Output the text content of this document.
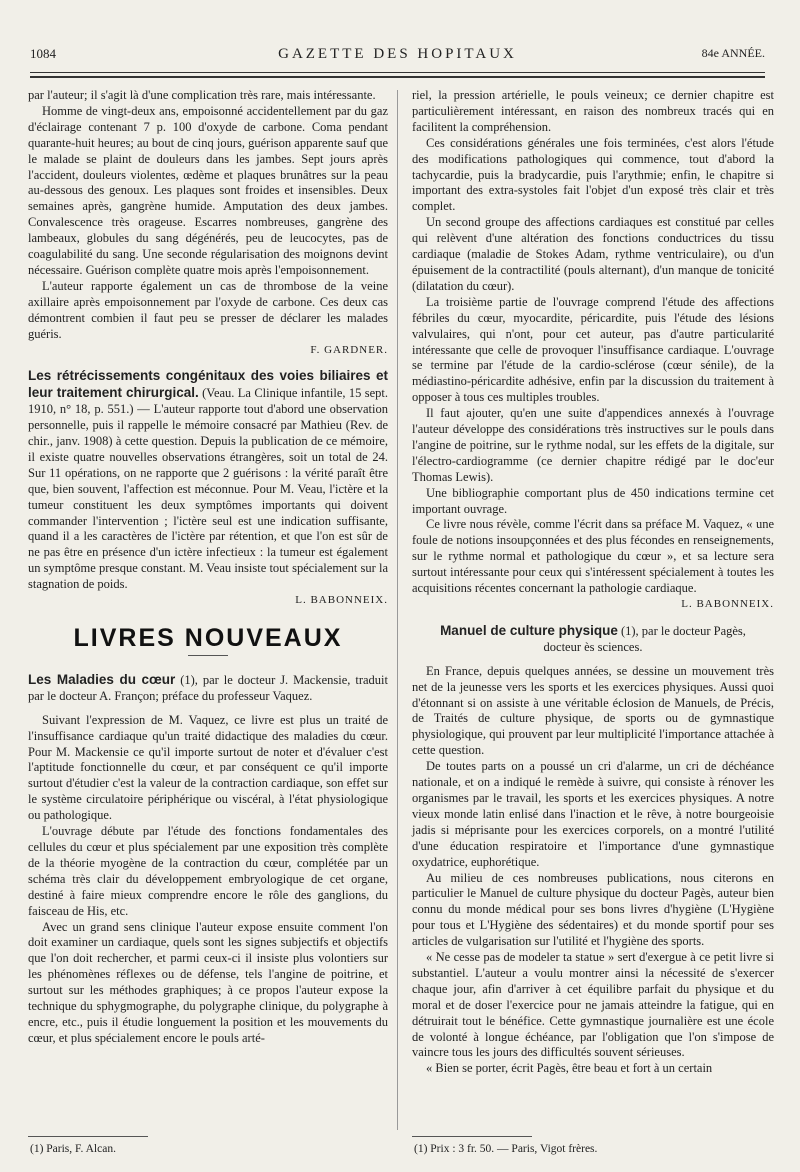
1084	GAZETTE DES HOPITAUX	84e ANNÉE.

par l'auteur; il s'agit là d'une complication très rare, mais intéressante.

Homme de vingt-deux ans, empoisonné accidentellement par du gaz d'éclairage contenant 7 p. 100 d'oxyde de carbone. Coma pendant quarante-huit heures; au bout de cinq jours, guérison apparente sauf que le malade se plaint de douleurs dans les jambes. Sept jours après l'accident, douleurs violentes, œdème et plaques brunâtres sur la peau au-dessous des genoux. Les plaques sont froides et insensibles. Deux semaines après, gangrène humide. Amputation des deux jambes. Convalescence très orageuse. Escarres nombreuses, gangrène des lambeaux, globules du sang dégénérés, peu de leucocytes, pas de coagulabilité du sang. Une seconde régularisation des moignons devint nécessaire. Guérison complète quatre mois après l'empoisonnement.

L'auteur rapporte également un cas de thrombose de la veine axillaire après empoisonnement par l'oxyde de carbone. Ces deux cas démontrent combien il faut peu se presser de déclarer les malades guéris.

F. GARDNER.

Les rétrécissements congénitaux des voies biliaires et leur traitement chirurgical. (Veau. La Clinique infantile, 15 sept. 1910, n° 18, p. 551.) — L'auteur rapporte tout d'abord une observation personnelle, puis il rappelle le mémoire consacré par Mathieu (Rev. de chir., janv. 1908) à cette question. Depuis la publication de ce mémoire, il existe quatre nouvelles observations étrangères, soit un total de 24. Sur 11 opérations, on ne rapporte que 2 guérisons : la vérité paraît être que, bien souvent, l'affection est méconnue. Pour M. Veau, l'ictère et la tumeur constituent les deux symptômes importants qui doivent commander l'intervention ; l'ictère seul est une indication suffisante, quand il a les caractères de l'ictère par rétention, et que l'on est sûr de ne pas être en présence d'un ictère infectieux : la tumeur est également un symptôme presque constant. M. Veau insiste tout spécialement sur la stagnation de poids.

L. BABONNEIX.
LIVRES NOUVEAUX

Les Maladies du cœur (1), par le docteur J. Mackensie, traduit par le docteur A. Françon; préface du professeur Vaquez.

Suivant l'expression de M. Vaquez, ce livre est plus un traité de l'insuffisance cardiaque qu'un traité didactique des maladies du cœur. Pour M. Mackensie ce qu'il importe surtout de noter et d'évaluer c'est l'aptitude fonctionnelle du cœur, et par conséquent ce qu'il importe surtout d'étudier c'est la valeur de la contraction cardiaque, son effet sur le système circulatoire périphérique ou viscéral, à l'état physiologique ou pathologique.

L'ouvrage débute par l'étude des fonctions fondamentales des cellules du cœur et plus spécialement par une exposition très complète de la théorie myogène de la contraction du cœur, complétée par un schéma très clair du développement embryologique de cet organe, destiné à faire mieux comprendre encore le rôle des ganglions, du faisceau de His, etc.

Avec un grand sens clinique l'auteur expose ensuite comment l'on doit examiner un cardiaque, quels sont les signes subjectifs et objectifs que l'on doit rechercher, et parmi ceux-ci il insiste plus volontiers sur les phénomènes réflexes ou de défense, tels l'angine de poitrine, et surtout sur les méthodes graphiques; à ce propos l'auteur expose la technique du sphygmographe, du polygraphe clinique, du polygraphe à encre, etc., puis il étudie longuement la position et les mouvements du cœur, et plus spécialement encore le pouls arté-

(1) Paris, F. Alcan.

riel, la pression artérielle, le pouls veineux; ce dernier chapitre est particulièrement intéressant, en raison des nombreux tracés qui en facilitent la compréhension.

Ces considérations générales une fois terminées, c'est alors l'étude des modifications pathologiques qui commence, tout d'abord la tachycardie, puis la bradycardie, puis l'arythmie; enfin, le chapitre si important des extra-systoles fait l'objet d'un exposé très clair et très complet.

Un second groupe des affections cardiaques est constitué par celles qui relèvent d'une altération des fonctions conductrices du tissu cardiaque (maladie de Stokes Adam, rythme ventriculaire), ou d'un épuisement de la contractilité (pouls alternant), d'un manque de tonicité (dilatation du cœur).

La troisième partie de l'ouvrage comprend l'étude des affections fébriles du cœur, myocardite, péricardite, puis l'étude des lésions valvulaires, qui n'ont, pour cet auteur, pas d'autre particularité intéressante que celle de provoquer l'insuffisance cardiaque. L'ouvrage se termine par l'étude de la cardio-sclérose (cœur sénile), de la médiastino-péricardite adhésive, enfin par la discussion du traitement à opposer à tous ces multiples troubles.

Il faut ajouter, qu'en une suite d'appendices annexés à l'ouvrage l'auteur développe des considérations très instructives sur le pouls dans l'angine de poitrine, sur le rythme nodal, sur les effets de la digitale, sur l'électro-cardiogramme (ce dernier chapitre rédigé par le doc'eur Thomas Lewis).

Une bibliographie comportant plus de 450 indications termine cet important ouvrage.

Ce livre nous révèle, comme l'écrit dans sa préface M. Vaquez, « une foule de notions insoupçonnées et des plus fécondes en renseignements, sur le rythme normal et pathologique du cœur », et sa lecture sera surtout intéressante pour ceux qui s'intéressent spécialement à toutes les acquisitions récentes concernant la pathologie cardiaque.

L. BABONNEIX.

Manuel de culture physique (1), par le docteur Pagès,

docteur ès sciences.

En France, depuis quelques années, se dessine un mouvement très net de la jeunesse vers les sports et les exercices physiques. Aussi quoi d'étonnant si on assiste à une véritable éclosion de Manuels, de Précis, de Traités de culture physique, de sports ou de gymnastique physiologique, qui prouvent par leur multiplicité l'importance attachée à cette question.

De toutes parts on a poussé un cri d'alarme, un cri de déchéance nationale, et on a indiqué le remède à suivre, qui consiste à rénover les organismes par le travail, les sports et les exercices physiques. A notre vieux monde latin enlisé dans l'inaction et le rêve, à notre bourgeoisie jadis si méprisante pour les exercices corporels, on a montré l'utilité d'une éducation respiratoire et l'importance d'une gymnastique oxydatrice, euphorétique.

Au milieu de ces nombreuses publications, nous citerons en particulier le Manuel de culture physique du docteur Pagès, auteur bien connu du monde médical pour ses bons livres d'hygiène (L'Hygiène pour tous et L'Hygiène des sédentaires) et du monde sportif pour ses articles de vulgarisation sur l'utilité et l'hygiène des sports.

« Ne cesse pas de modeler ta statue » sert d'exergue à ce petit livre si substantiel. L'auteur a voulu montrer ainsi la nécessité de s'exercer chaque jour, afin d'arriver à cet équilibre parfait du physique et du moral et de doser l'exercice pour ne jamais atteindre la fatigue, qui en détruirait tout le bénéfice. Cette gymnastique journalière est une école de volonté à longue échéance, par l'obligation que l'on s'impose de vaincre tous les jours des difficultés souvent sérieuses.

« Bien se porter, écrit Pagès, être beau et fort à un certain

(1) Prix : 3 fr. 50. — Paris, Vigot frères.
